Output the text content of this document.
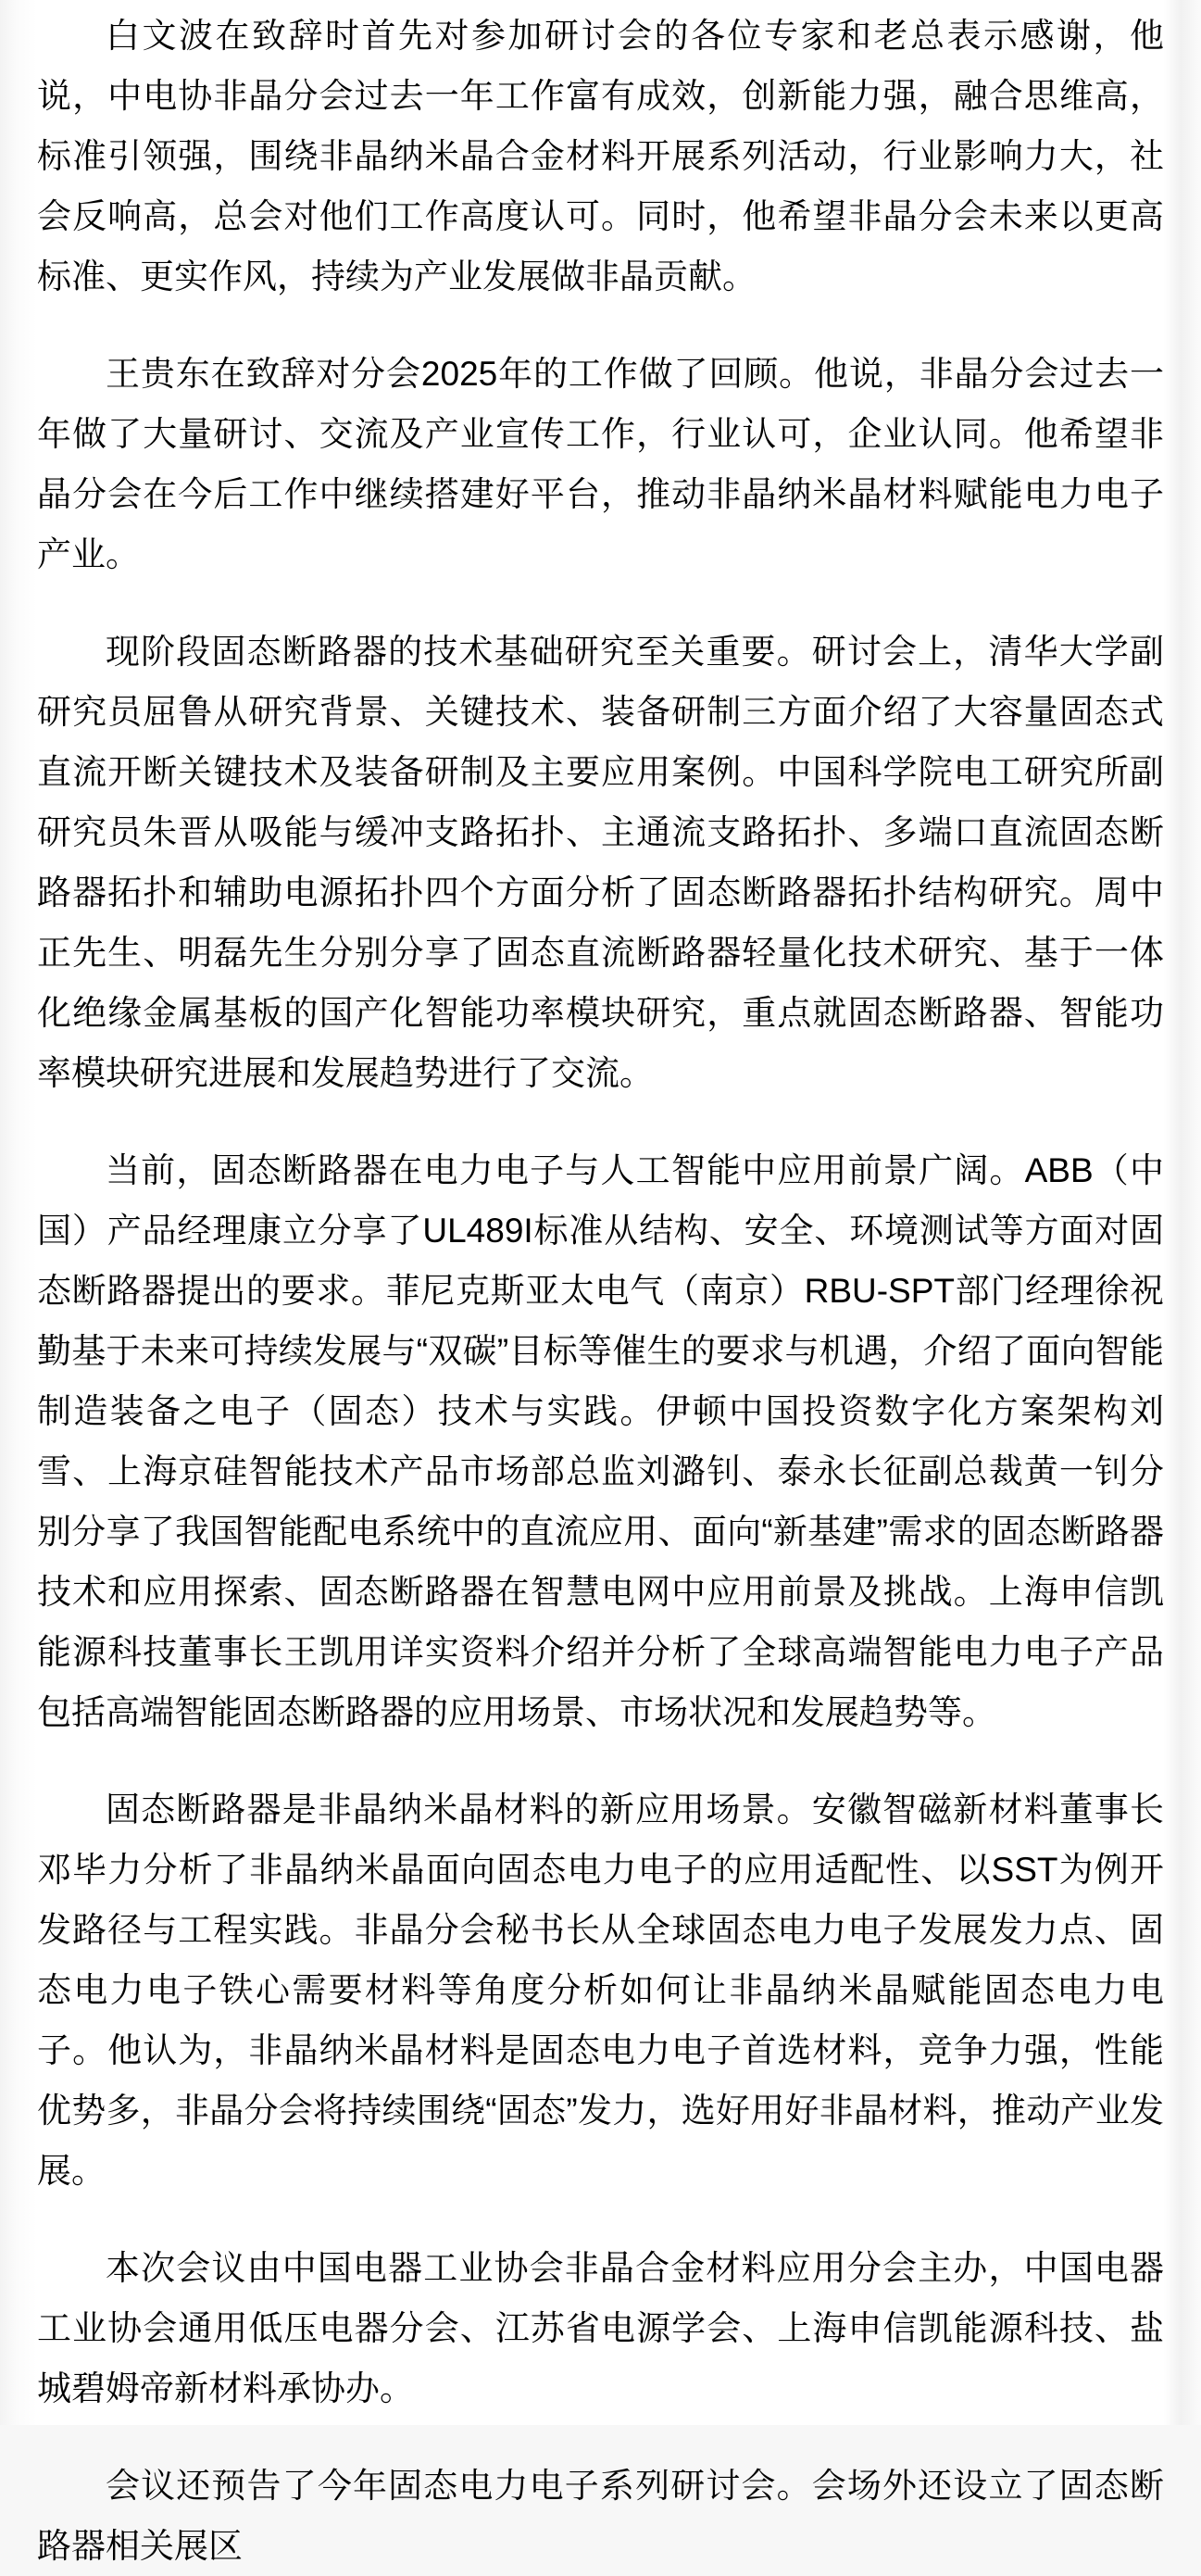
白文波在致辞时首先对参加研讨会的各位专家和老总表示感谢，他说，中电协非晶分会过去一年工作富有成效，创新能力强，融合思维高，标准引领强，围绕非晶纳米晶合金材料开展系列活动，行业影响力大，社会反响高，总会对他们工作高度认可。同时，他希望非晶分会未来以更高标准、更实作风，持续为产业发展做非晶贡献。

王贵东在致辞对分会2025年的工作做了回顾。他说，非晶分会过去一年做了大量研讨、交流及产业宣传工作，行业认可，企业认同。他希望非晶分会在今后工作中继续搭建好平台，推动非晶纳米晶材料赋能电力电子产业。

现阶段固态断路器的技术基础研究至关重要。研讨会上，清华大学副研究员屈鲁从研究背景、关键技术、装备研制三方面介绍了大容量固态式直流开断关键技术及装备研制及主要应用案例。中国科学院电工研究所副研究员朱晋从吸能与缓冲支路拓扑、主通流支路拓扑、多端口直流固态断路器拓扑和辅助电源拓扑四个方面分析了固态断路器拓扑结构研究。周中正先生、明磊先生分别分享了固态直流断路器轻量化技术研究、基于一体化绝缘金属基板的国产化智能功率模块研究，重点就固态断路器、智能功率模块研究进展和发展趋势进行了交流。

当前，固态断路器在电力电子与人工智能中应用前景广阔。ABB（中国）产品经理康立分享了UL489I标准从结构、安全、环境测试等方面对固态断路器提出的要求。菲尼克斯亚太电气（南京）RBU-SPT部门经理徐祝勤基于未来可持续发展与“双碳”目标等催生的要求与机遇，介绍了面向智能制造装备之电子（固态）技术与实践。伊顿中国投资数字化方案架构刘雪、上海京硅智能技术产品市场部总监刘潞钊、泰永长征副总裁黄一钊分别分享了我国智能配电系统中的直流应用、面向“新基建”需求的固态断路器技术和应用探索、固态断路器在智慧电网中应用前景及挑战。上海申信凯能源科技董事长王凯用详实资料介绍并分析了全球高端智能电力电子产品包括高端智能固态断路器的应用场景、市场状况和发展趋势等。

固态断路器是非晶纳米晶材料的新应用场景。安徽智磁新材料董事长邓毕力分析了非晶纳米晶面向固态电力电子的应用适配性、以SST为例开发路径与工程实践。非晶分会秘书长从全球固态电力电子发展发力点、固态电力电子铁心需要材料等角度分析如何让非晶纳米晶赋能固态电力电子。他认为，非晶纳米晶材料是固态电力电子首选材料，竞争力强，性能优势多，非晶分会将持续围绕“固态”发力，选好用好非晶材料，推动产业发展。

本次会议由中国电器工业协会非晶合金材料应用分会主办，中国电器工业协会通用低压电器分会、江苏省电源学会、上海申信凯能源科技、盐城碧姆帝新材料承协办。

会议还预告了今年固态电力电子系列研讨会。会场外还设立了固态断路器相关展区
